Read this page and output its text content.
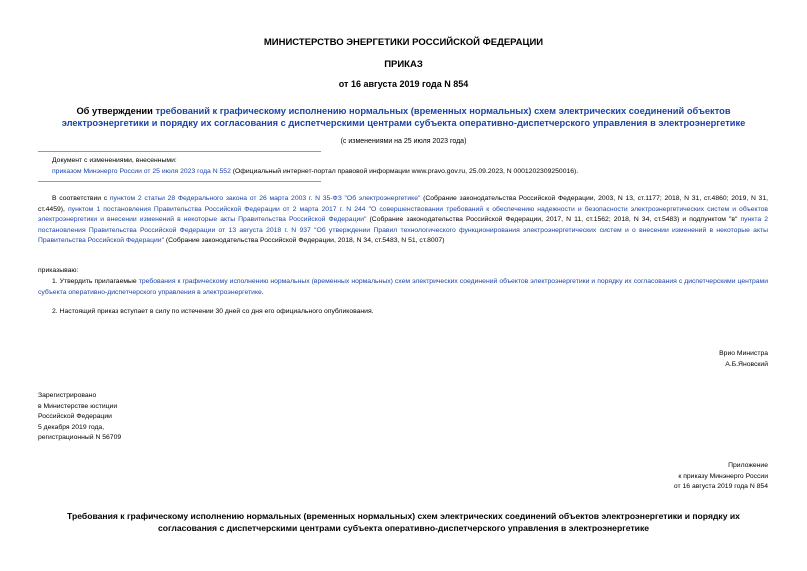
МИНИСТЕРСТВО ЭНЕРГЕТИКИ РОССИЙСКОЙ ФЕДЕРАЦИИ
ПРИКАЗ
от 16 августа 2019 года N 854
Об утверждении требований к графическому исполнению нормальных (временных нормальных) схем электрических соединений объектов электроэнергетики и порядку их согласования с диспетчерскими центрами субъекта оперативно-диспетчерского управления в электроэнергетике
(с изменениями на 25 июля 2023 года)
Документ с изменениями, внесенными:
приказом Минэнерго России от 25 июля 2023 года N 552 (Официальный интернет-портал правовой информации www.pravo.gov.ru, 25.09.2023, N 0001202309250016).
В соответствии с пунктом 2 статьи 28 Федерального закона от 26 марта 2003 г. N 35-ФЗ "Об электроэнергетике" (Собрание законодательства Российской Федерации, 2003, N 13, ст.1177; 2018, N 31, ст.4860; 2019, N 31, ст.4459), пунктом 1 постановления Правительства Российской Федерации от 2 марта 2017 г. N 244 "О совершенствовании требований к обеспечению надежности и безопасности электроэнергетических систем и объектов электроэнергетики и внесении изменений в некоторые акты Правительства Российской Федерации" (Собрание законодательства Российской Федерации, 2017, N 11, ст.1562; 2018, N 34, ст.5483) и подпунктом "в" пункта 2 постановления Правительства Российской Федерации от 13 августа 2018 г. N 937 "Об утверждении Правил технологического функционирования электроэнергетических систем и о внесении изменений в некоторые акты Правительства Российской Федерации" (Собрание законодательства Российской Федерации, 2018, N 34, ст.5483, N 51, ст.8007)
приказываю:
1. Утвердить прилагаемые требования к графическому исполнению нормальных (временных нормальных) схем электрических соединений объектов электроэнергетики и порядку их согласования с диспетчерскими центрами субъекта оперативно-диспетчерского управления в электроэнергетике.
2. Настоящий приказ вступает в силу по истечении 30 дней со дня его официального опубликования.
Врио Министра
А.Б.Яновский
Зарегистрировано
в Министерстве юстиции
Российской Федерации
5 декабря 2019 года,
регистрационный N 56709
Приложение
к приказу Минэнерго России
от 16 августа 2019 года N 854
Требования к графическому исполнению нормальных (временных нормальных) схем электрических соединений объектов электроэнергетики и порядку их согласования с диспетчерскими центрами субъекта оперативно-диспетчерского управления в электроэнергетике
